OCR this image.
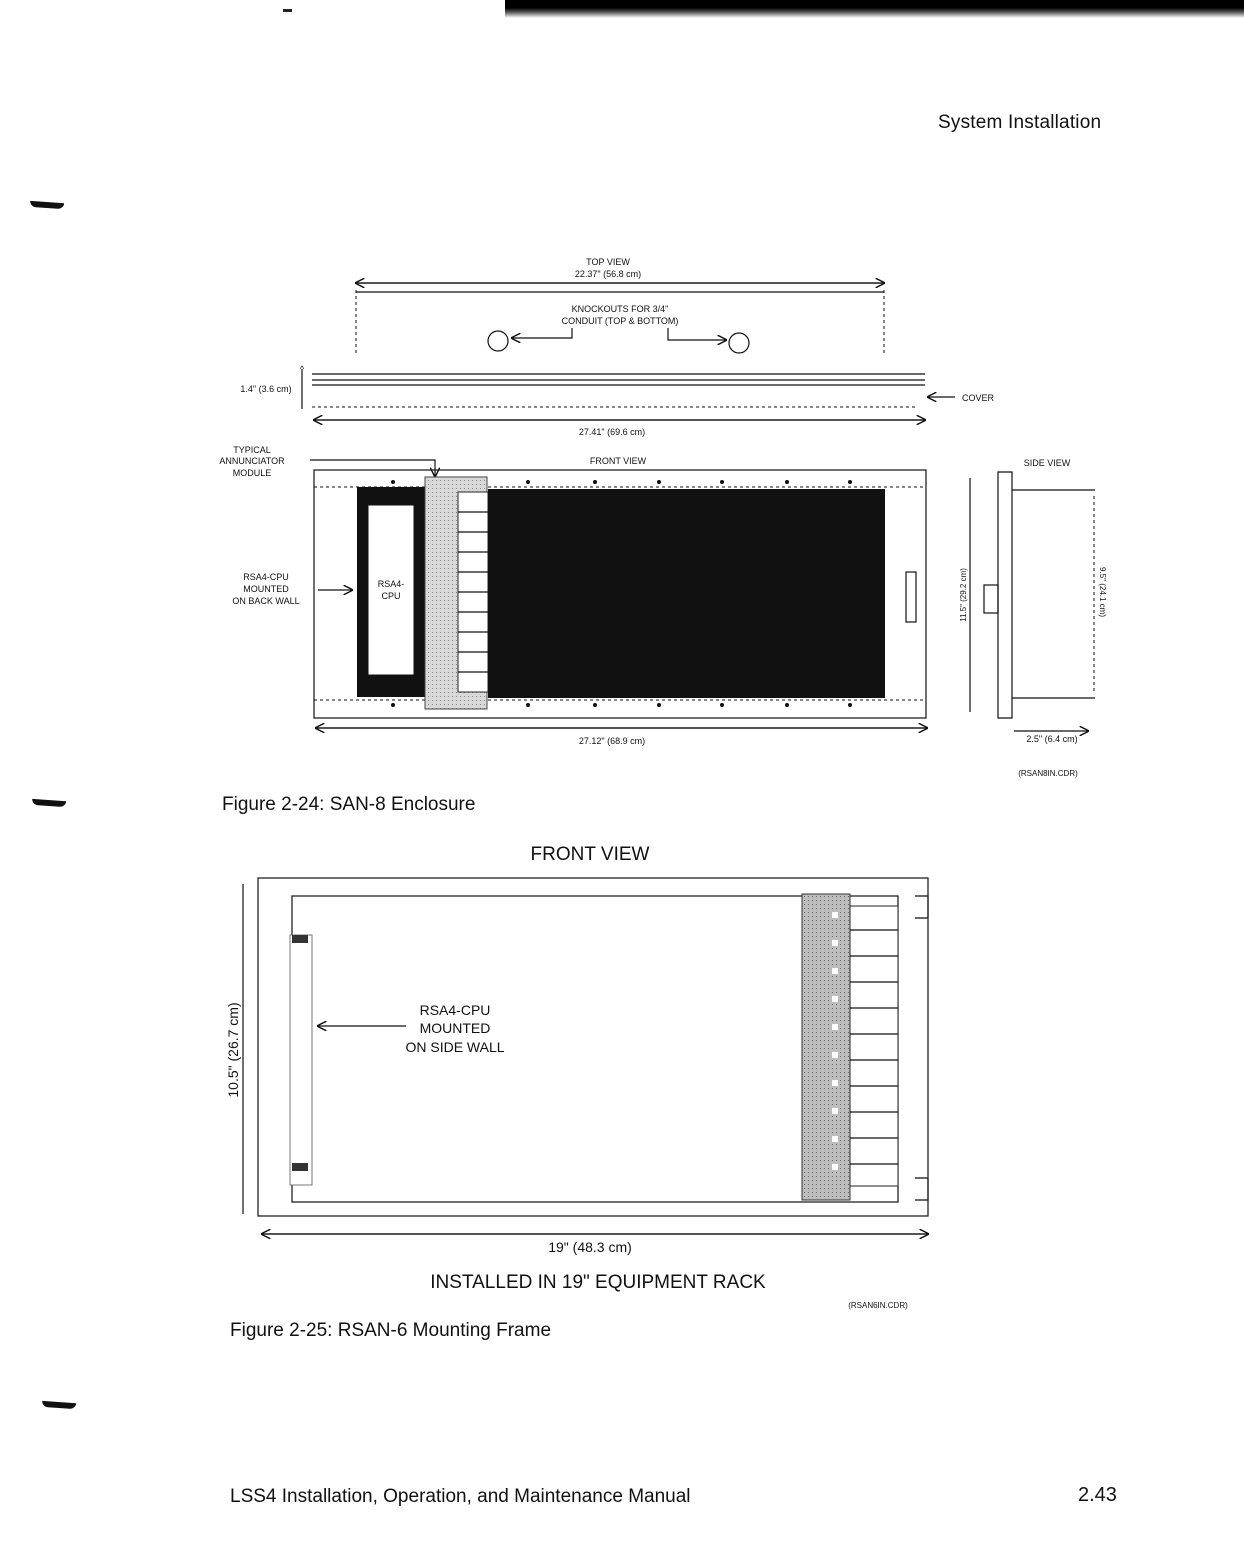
System Installation
TOP VIEW
22.37" (56.8 cm)
KNOCKOUTS FOR 3/4"
CONDUIT (TOP & BOTTOM)
^
1.4" (3.6 cm)
COVER
27.41" (69.6 cm)
TYPICAL
ANNUNCIATOR
MODULE
FRONT VIEW
RSA4-
CPU
RSA4-CPU
MOUNTED
ON BACK WALL
27.12" (68.9 cm)
SIDE VIEW
11.5" (29.2 cm)	9.5" (24.1 cm)
2.5" (6.4 cm)
(RSAN8IN.CDR)
Figure 2-24: SAN-8 Enclosure
FRONT VIEW
RSA4-CPU
MOUNTED
ON SIDE WALL
10.5" (26.7 cm)
19" (48.3 cm)
INSTALLED IN 19" EQUIPMENT RACK
(RSAN6IN.CDR)
Figure 2-25: RSAN-6 Mounting Frame
LSS4 Installation, Operation, and Maintenance Manual	2.43
